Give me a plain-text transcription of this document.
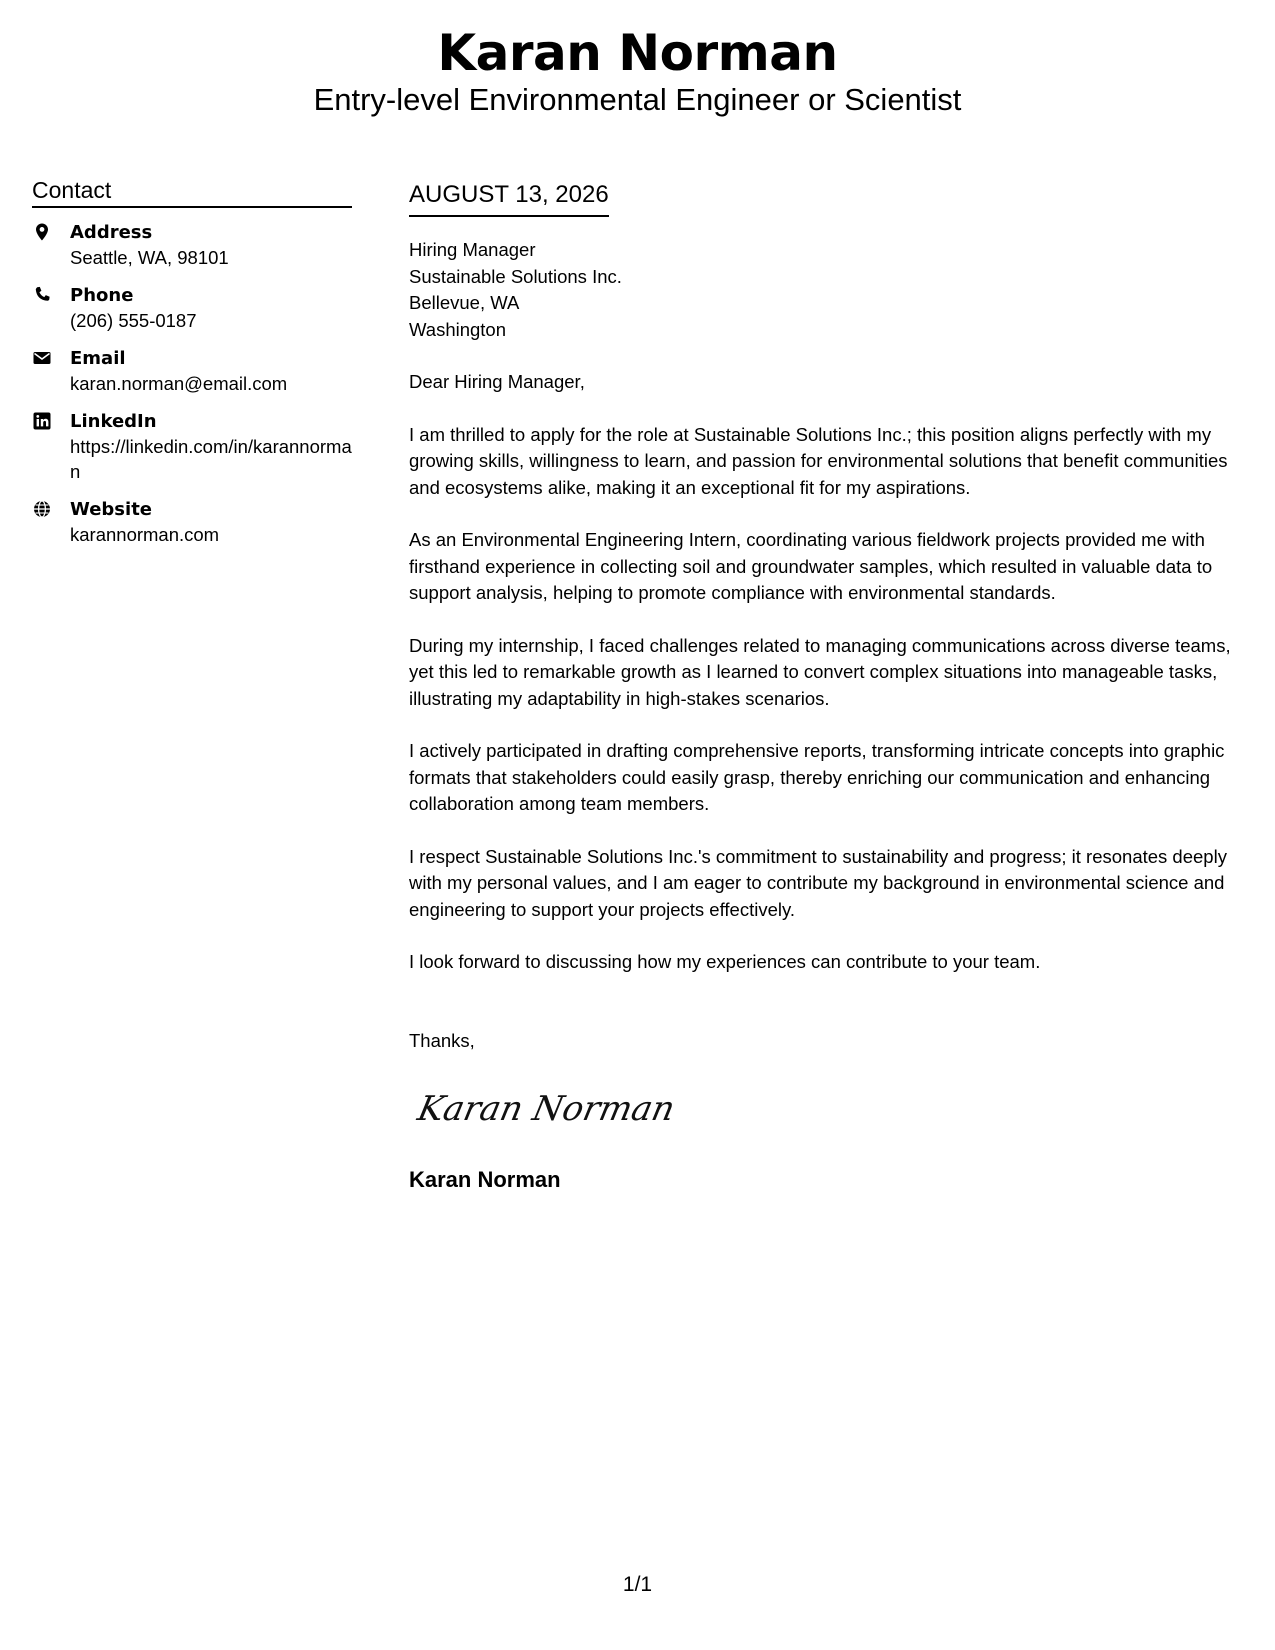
Karan Norman
Entry-level Environmental Engineer or Scientist
Contact
Address
Seattle, WA, 98101
Phone
(206) 555-0187
Email
karan.norman@email.com
LinkedIn
https://linkedin.com/in/karannorman
Website
karannorman.com
AUGUST 13, 2026
Hiring Manager
Sustainable Solutions Inc.
Bellevue, WA
Washington
Dear Hiring Manager,
I am thrilled to apply for the role at Sustainable Solutions Inc.; this position aligns perfectly with my growing skills, willingness to learn, and passion for environmental solutions that benefit communities and ecosystems alike, making it an exceptional fit for my aspirations.
As an Environmental Engineering Intern, coordinating various fieldwork projects provided me with firsthand experience in collecting soil and groundwater samples, which resulted in valuable data to support analysis, helping to promote compliance with environmental standards.
During my internship, I faced challenges related to managing communications across diverse teams, yet this led to remarkable growth as I learned to convert complex situations into manageable tasks, illustrating my adaptability in high-stakes scenarios.
I actively participated in drafting comprehensive reports, transforming intricate concepts into graphic formats that stakeholders could easily grasp, thereby enriching our communication and enhancing collaboration among team members.
I respect Sustainable Solutions Inc.'s commitment to sustainability and progress; it resonates deeply with my personal values, and I am eager to contribute my background in environmental science and engineering to support your projects effectively.
I look forward to discussing how my experiences can contribute to your team.
Thanks,
Karan Norman
Karan Norman
1/1
